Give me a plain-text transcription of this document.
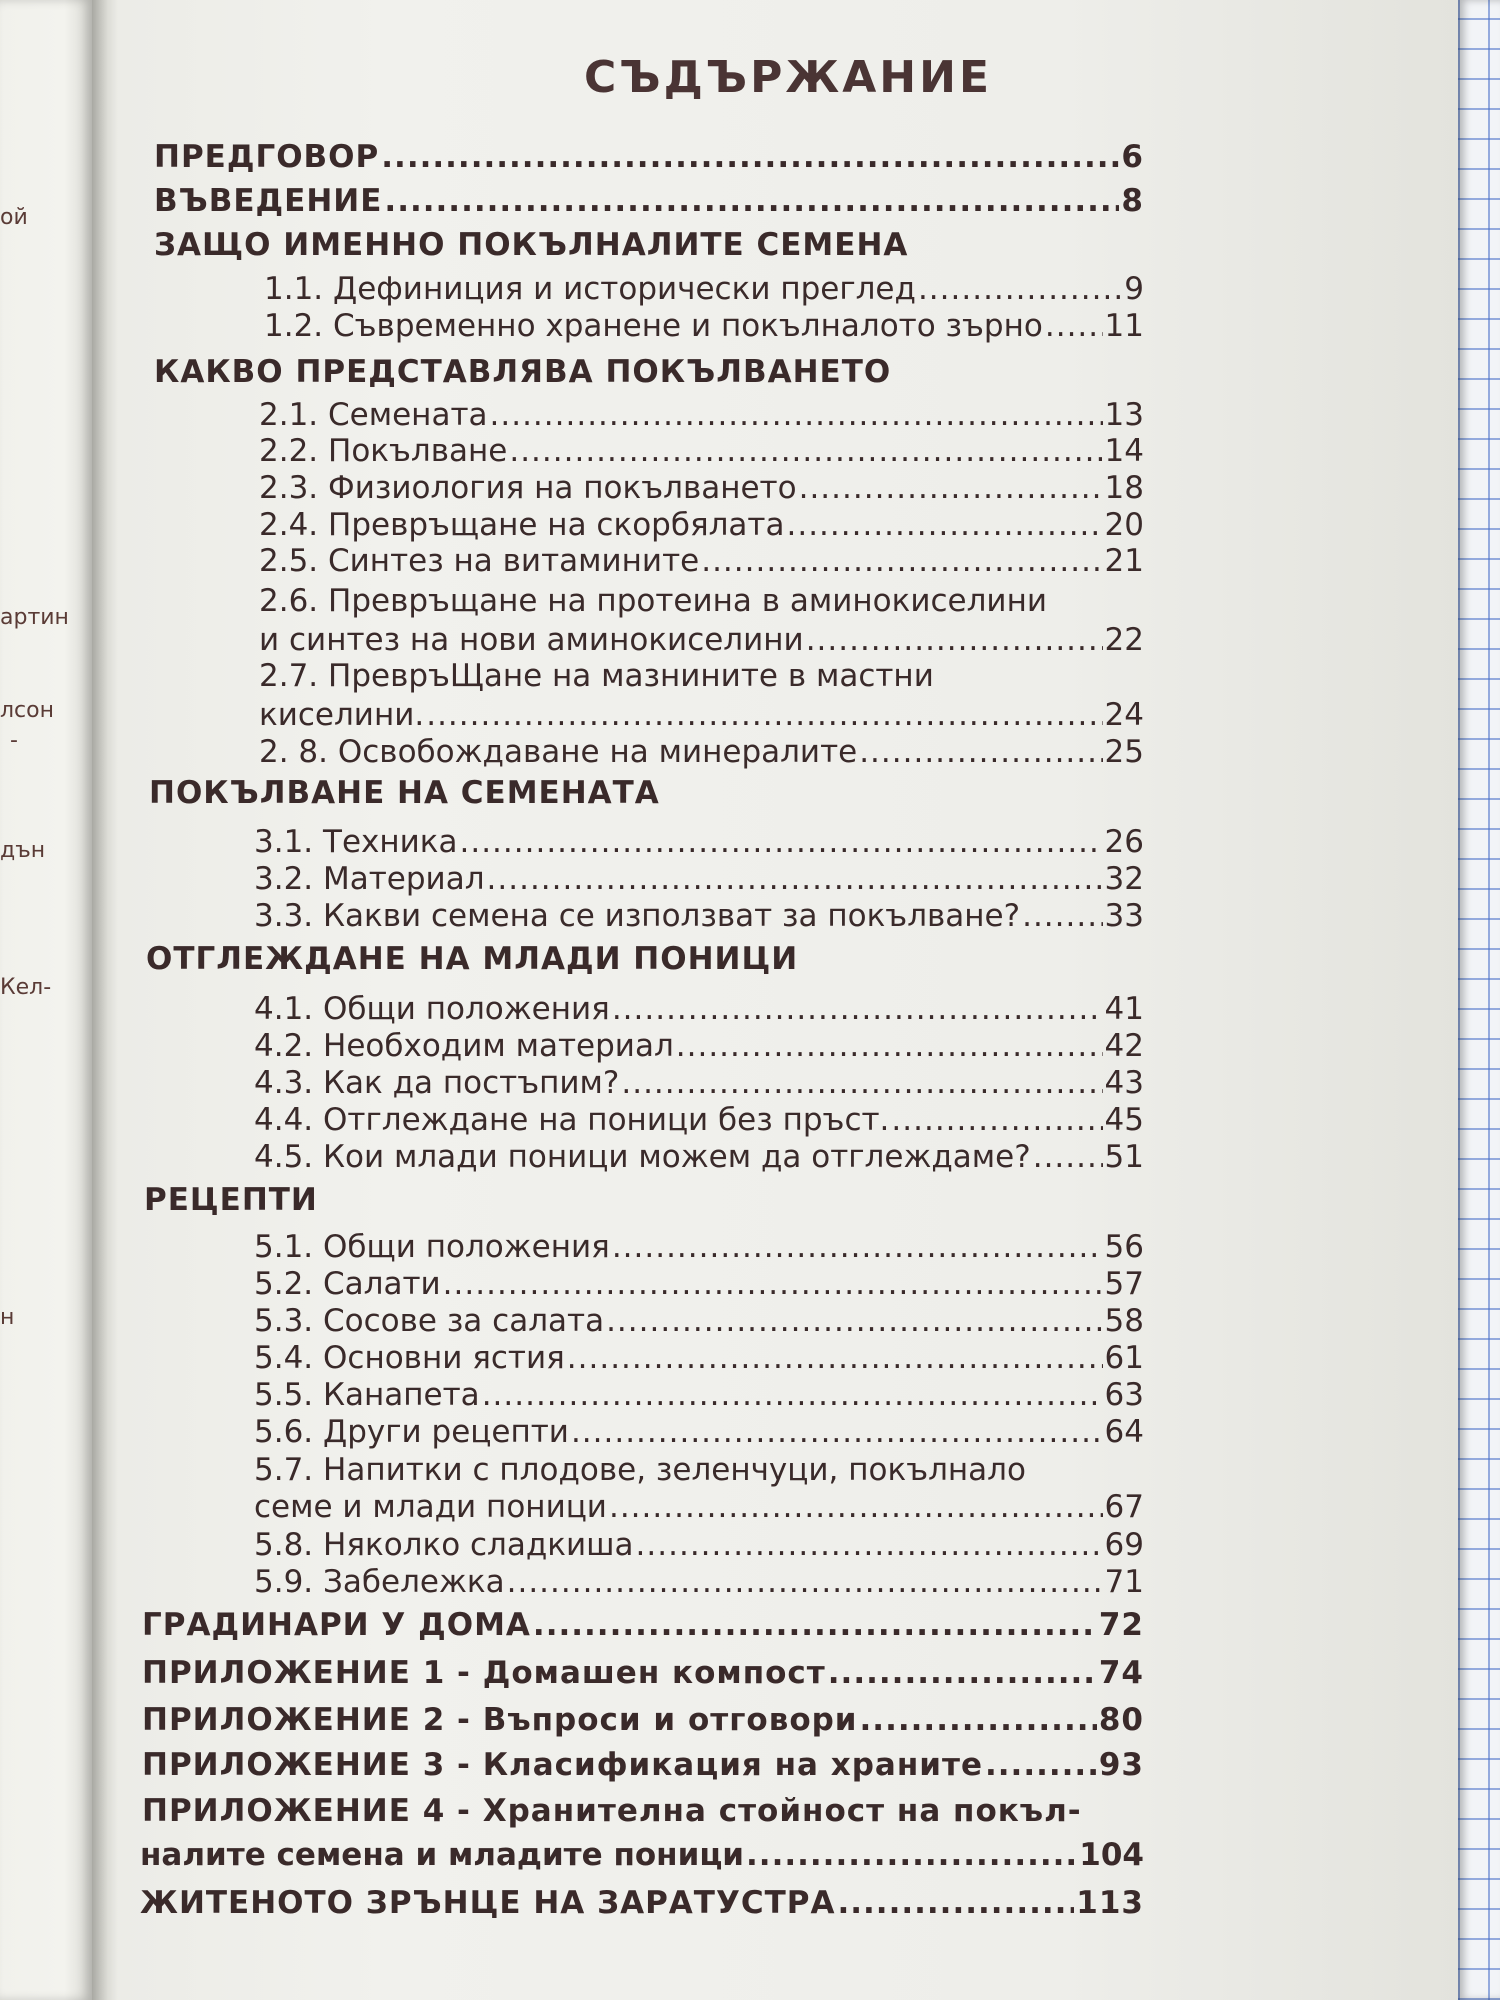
ой
артин
лсон
-
дън
Кел-
н
СЪДЪРЖАНИЕ
ПРЕДГОВОР .....	6
ВЪВЕДЕНИЕ .....	8
ЗАЩО ИМЕННО ПОКЪЛНАЛИТЕ СЕМЕНА
1.1. Дефиниция и исторически преглед .....	9
1.2. Съвременно хранене и покълналото зърно ..... 11
КАКВО ПРЕДСТАВЛЯВА ПОКЪЛВАНЕТО
2.1. Семената .....	13
2.2. Покълване .....	14
2.3. Физиология на покълването .....	18
2.4. Превръщане на скорбялата .....	20
2.5. Синтез на витамините .....	21
2.6. Превръщане на протеина в аминокиселини
и синтез на нови аминокиселини .....	22
2.7. ПревръЩане на мазнините в мастни
киселини. .....	24
2. 8. Освобождаване на минералите .....	25
ПОКЪЛВАНЕ НА СЕМЕНАТА
3.1. Техника .....	26
3.2. Материал .....	32
3.3. Какви семена се използват за покълване? .....	33
ОТГЛЕЖДАНЕ НА МЛАДИ ПОНИЦИ
4.1. Общи положения .....	41
4.2. Необходим материал .....	42
4.3. Как да постъпим? .....	43
4.4. Отглеждане на поници без пръст. .....	45
4.5. Кои млади поници можем да отглеждаме? ..... 51
РЕЦЕПТИ
5.1. Общи положения .....	56
5.2. Салати .....	57
5.3. Сосове за салата .....	58
5.4. Основни ястия .....	61
5.5. Канапета .....	63
5.6. Други рецепти .....	64
5.7. Напитки с плодове, зеленчуци, покълнало
семе и млади поници .....	67
5.8. Няколко сладкиша .....	69
5.9. Забележка .....	71
ГРАДИНАРИ У ДОМА .....	72
ПРИЛОЖЕНИЕ 1 - Домашен компост .....	74
ПРИЛОЖЕНИЕ 2 - Въпроси и отговори .....	80
ПРИЛОЖЕНИЕ 3 - Класификация на храните .....	93
ПРИЛОЖЕНИЕ 4 - Хранителна стойност на покъл-
налите семена и младите поници .....	104
ЖИТЕНОТО ЗРЪНЦЕ НА ЗАРАТУСТРА .....	113
